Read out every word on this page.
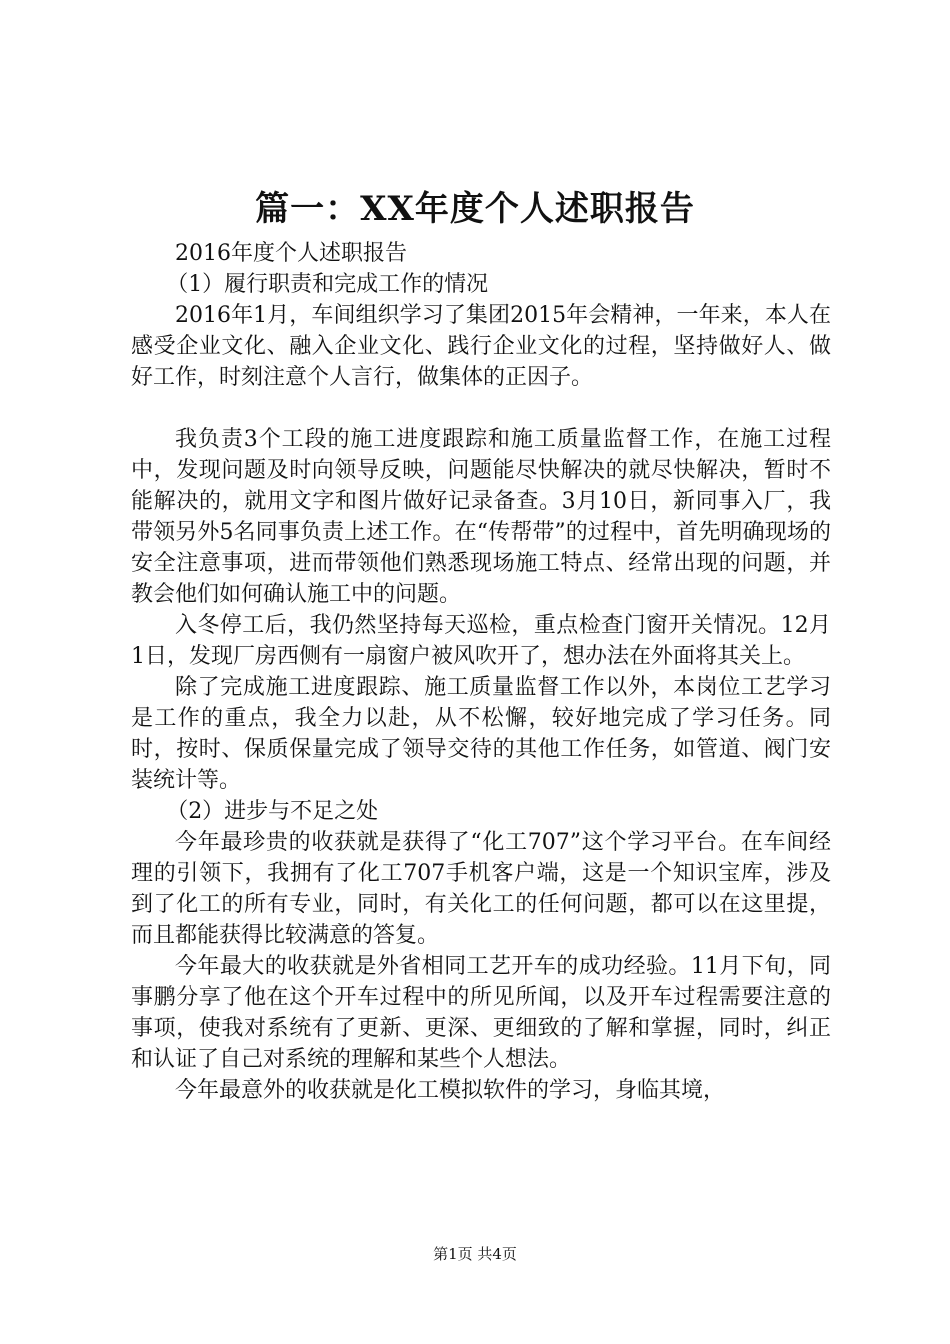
篇一：XX年度个人述职报告

2016年度个人述职报告

（1）履行职责和完成工作的情况

2016年1月，车间组织学习了集团2015年会精神，一年来，本人在感受企业文化、融入企业文化、践行企业文化的过程，坚持做好人、做好工作，时刻注意个人言行，做集体的正因子。

我负责3个工段的施工进度跟踪和施工质量监督工作，在施工过程中，发现问题及时向领导反映，问题能尽快解决的就尽快解决，暂时不能解决的，就用文字和图片做好记录备查。3月10日，新同事入厂，我带领另外5名同事负责上述工作。在“传帮带”的过程中，首先明确现场的安全注意事项，进而带领他们熟悉现场施工特点、经常出现的问题，并教会他们如何确认施工中的问题。

入冬停工后，我仍然坚持每天巡检，重点检查门窗开关情况。12月1日，发现厂房西侧有一扇窗户被风吹开了，想办法在外面将其关上。

除了完成施工进度跟踪、施工质量监督工作以外，本岗位工艺学习是工作的重点，我全力以赴，从不松懈，较好地完成了学习任务。同时，按时、保质保量完成了领导交待的其他工作任务，如管道、阀门安装统计等。

（2）进步与不足之处

今年最珍贵的收获就是获得了“化工707”这个学习平台。在车间经理的引领下，我拥有了化工707手机客户端，这是一个知识宝库，涉及到了化工的所有专业，同时，有关化工的任何问题，都可以在这里提，而且都能获得比较满意的答复。

今年最大的收获就是外省相同工艺开车的成功经验。11月下旬，同事鹏分享了他在这个开车过程中的所见所闻，以及开车过程需要注意的事项，使我对系统有了更新、更深、更细致的了解和掌握，同时，纠正和认证了自己对系统的理解和某些个人想法。

今年最意外的收获就是化工模拟软件的学习，身临其境，

第1页 共4页
